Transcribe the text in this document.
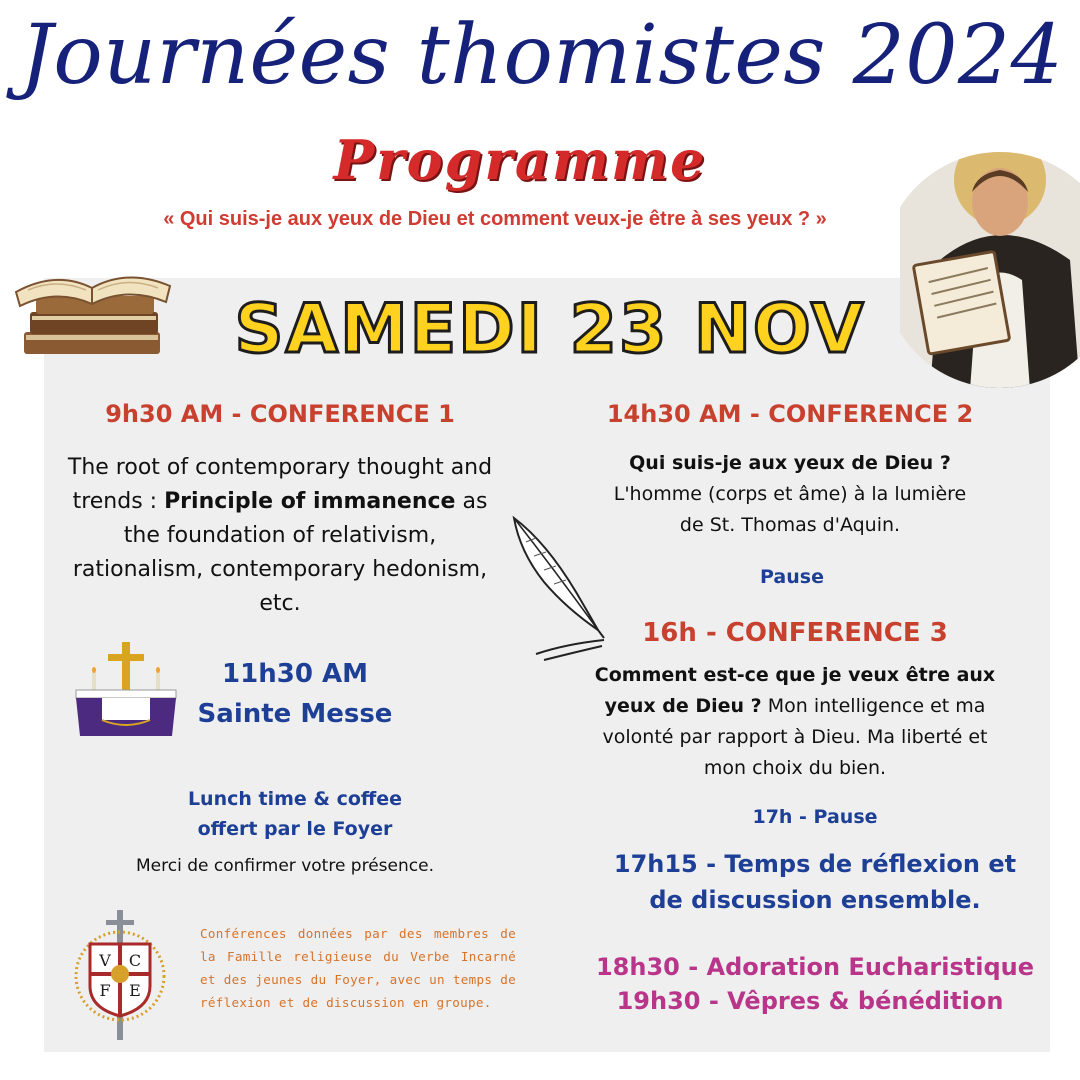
Journées thomistes 2024
Programme
« Qui suis-je aux yeux de Dieu et comment veux-je être à ses yeux ? »
SAMEDI 23 NOV
9h30 AM - CONFERENCE 1
The root of contemporary thought and trends : Principle of immanence as the foundation of relativism, rationalism, contemporary hedonism, etc.
11h30 AM
Sainte Messe
Lunch time & coffee
offert par le Foyer
Merci de confirmer votre présence.
V C
F E
Conférences données par des membres de la Famille religieuse du Verbe Incarné et des jeunes du Foyer, avec un temps de réflexion et de discussion en groupe.
14h30 AM - CONFERENCE 2
Qui suis-je aux yeux de Dieu ?
L'homme (corps et âme) à la lumière
de St. Thomas d'Aquin.
Pause
16h - CONFERENCE 3
Comment est-ce que je veux être aux
yeux de Dieu ? Mon intelligence et ma
volonté par rapport à Dieu. Ma liberté et
mon choix du bien.
17h - Pause
17h15 - Temps de réflexion et
de discussion ensemble.
18h30 - Adoration Eucharistique
19h30 - Vêpres & bénédition
